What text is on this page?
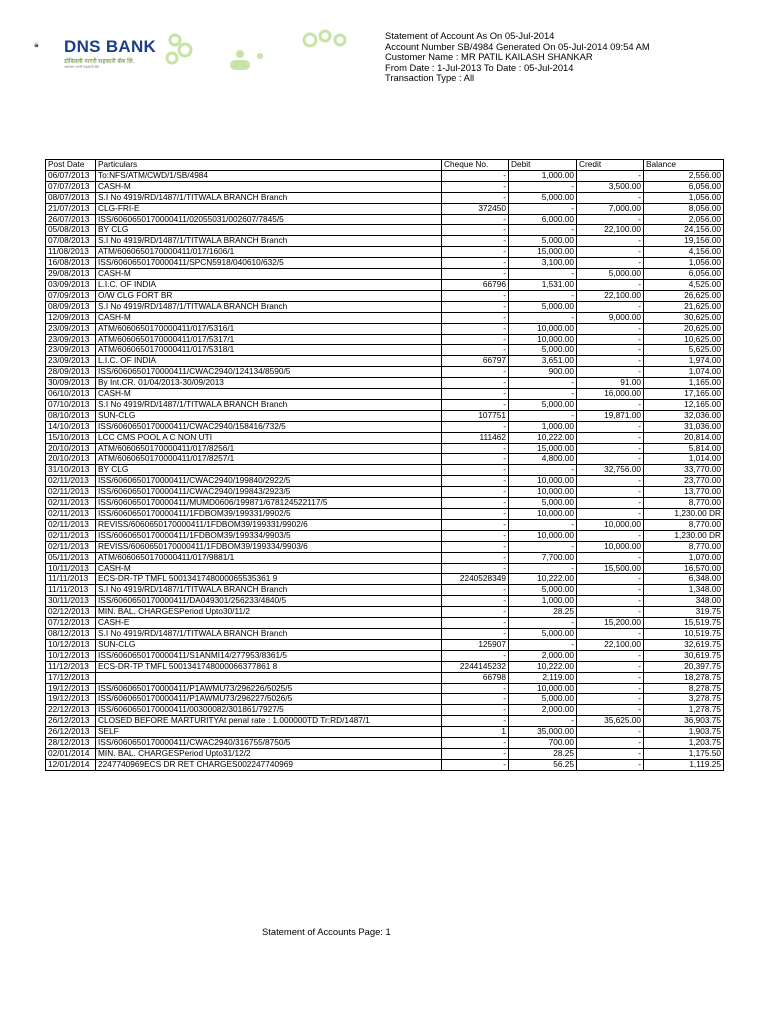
DNS BANK
डोंबिवली नागरी सहकारी बँक लि.
अग्रगण्य नागरी सहकारी बँक
Statement of Account As On 05-Jul-2014
Account Number SB/4984 Generated On 05-Jul-2014 09:54 AM
Customer Name : MR PATIL KAILASH SHANKAR
From Date : 1-Jul-2013 To Date : 05-Jul-2014
Transaction Type : All
Post Date	Particulars	Cheque No.	Debit	Credit	Balance
06/07/2013	To:NFS/ATM/CWD/1/SB/4984	-	1,000.00	-	2,556.00
07/07/2013	CASH-M	-	-	3,500.00	6,056.00
08/07/2013	S.I No 4919/RD/1487/1/TITWALA BRANCH Branch	-	5,000.00	-	1,056.00
21/07/2013	CLG-FRI-E	372450	-	7,000.00	8,056.00
26/07/2013	ISS/6060650170000411/02055031/002607/7845/5	-	6,000.00	-	2,056.00
05/08/2013	BY CLG	-	-	22,100.00	24,156.00
07/08/2013	S.I No 4919/RD/1487/1/TITWALA BRANCH Branch	-	5,000.00	-	19,156.00
11/08/2013	ATM/6060650170000411/017/1606/1	-	15,000.00	-	4,156.00
16/08/2013	ISS/6060650170000411/SPCN5918/040610/632/5	-	3,100.00	-	1,056.00
29/08/2013	CASH-M	-	-	5,000.00	6,056.00
03/09/2013	L.I.C. OF INDIA	66796	1,531.00	-	4,525.00
07/09/2013	O/W CLG FORT BR	-	-	22,100.00	26,625.00
08/09/2013	S.I No 4919/RD/1487/1/TITWALA BRANCH Branch	-	5,000.00	-	21,625.00
12/09/2013	CASH-M	-	-	9,000.00	30,625.00
23/09/2013	ATM/6060650170000411/017/5316/1	-	10,000.00	-	20,625.00
23/09/2013	ATM/6060650170000411/017/5317/1	-	10,000.00	-	10,625.00
23/09/2013	ATM/6060650170000411/017/5318/1	-	5,000.00	-	5,625.00
23/09/2013	L.I.C. OF INDIA	66797	3,651.00	-	1,974.00
28/09/2013	ISS/6060650170000411/CWAC2940/124134/8590/5	-	900.00	-	1,074.00
30/09/2013	By Int.CR. 01/04/2013-30/09/2013	-	-	91.00	1,165.00
06/10/2013	CASH-M	-	-	16,000.00	17,165.00
07/10/2013	S.I No 4919/RD/1487/1/TITWALA BRANCH Branch	-	5,000.00	-	12,165.00
08/10/2013	SUN-CLG	107751	-	19,871.00	32,036.00
14/10/2013	ISS/6060650170000411/CWAC2940/158416/732/5	-	1,000.00	-	31,036.00
15/10/2013	LCC CMS POOL A C NON UTI	111462	10,222.00	-	20,814.00
20/10/2013	ATM/6060650170000411/017/8256/1	-	15,000.00	-	5,814.00
20/10/2013	ATM/6060650170000411/017/8257/1	-	4,800.00	-	1,014.00
31/10/2013	BY CLG	-	-	32,756.00	33,770.00
02/11/2013	ISS/6060650170000411/CWAC2940/199840/2922/5	-	10,000.00	-	23,770.00
02/11/2013	ISS/6060650170000411/CWAC2940/199843/2923/5	-	10,000.00	-	13,770.00
02/11/2013	ISS/6060650170000411/MUMD0606/199871/678124522117/5	-	5,000.00	-	8,770.00
02/11/2013	ISS/6060650170000411/1FDBOM39/199331/9902/5	-	10,000.00	-	1,230.00 DR
02/11/2013	REVISS/6060650170000411/1FDBOM39/199331/9902/6	-	-	10,000.00	8,770.00
02/11/2013	ISS/6060650170000411/1FDBOM39/199334/9903/5	-	10,000.00	-	1,230.00 DR
02/11/2013	REVISS/6060650170000411/1FDBOM39/199334/9903/6	-	-	10,000.00	8,770.00
05/11/2013	ATM/6060650170000411/017/9881/1	-	7,700.00	-	1,070.00
10/11/2013	CASH-M	-	-	15,500.00	16,570.00
11/11/2013	ECS-DR-TP TMFL 5001341748000065535361 9	2240528349	10,222.00	-	6,348.00
11/11/2013	S.I No 4919/RD/1487/1/TITWALA BRANCH Branch	-	5,000.00	-	1,348.00
30/11/2013	ISS/6060650170000411/DA049301/256233/4840/5	-	1,000.00	-	348.00
02/12/2013	MIN. BAL. CHARGESPeriod Upto30/11/2	-	28.25	-	319.75
07/12/2013	CASH-E	-	-	15,200.00	15,519.75
08/12/2013	S.I No 4919/RD/1487/1/TITWALA BRANCH Branch	-	5,000.00	-	10,519.75
10/12/2013	SUN-CLG	125907	-	22,100.00	32,619.75
10/12/2013	ISS/6060650170000411/S1ANMI14/277953/8361/5	-	2,000.00	-	30,619.75
11/12/2013	ECS-DR-TP TMFL 5001341748000066377861 8	2244145232	10,222.00	-	20,397.75
17/12/2013		66798	2,119.00	-	18,278.75
19/12/2013	ISS/6060650170000411/P1AWMU73/296226/5025/5	-	10,000.00	-	8,278.75
19/12/2013	ISS/6060650170000411/P1AWMU73/296227/5026/5	-	5,000.00	-	3,278.75
22/12/2013	ISS/6060650170000411/00300082/301861/7927/5	-	2,000.00	-	1,278.75
26/12/2013	CLOSED BEFORE MARTURITYAt penal rate : 1.000000TD Tr:RD/1487/1	-	-	35,625.00	36,903.75
26/12/2013	SELF	1	35,000.00	-	1,903.75
28/12/2013	ISS/6060650170000411/CWAC2940/316755/8750/5	-	700.00	-	1,203.75
02/01/2014	MIN. BAL. CHARGESPeriod Upto31/12/2	-	28.25	-	1,175.50
12/01/2014	2247740969ECS DR RET CHARGES002247740969	-	56.25	-	1,119.25
Statement of Accounts Page: 1
